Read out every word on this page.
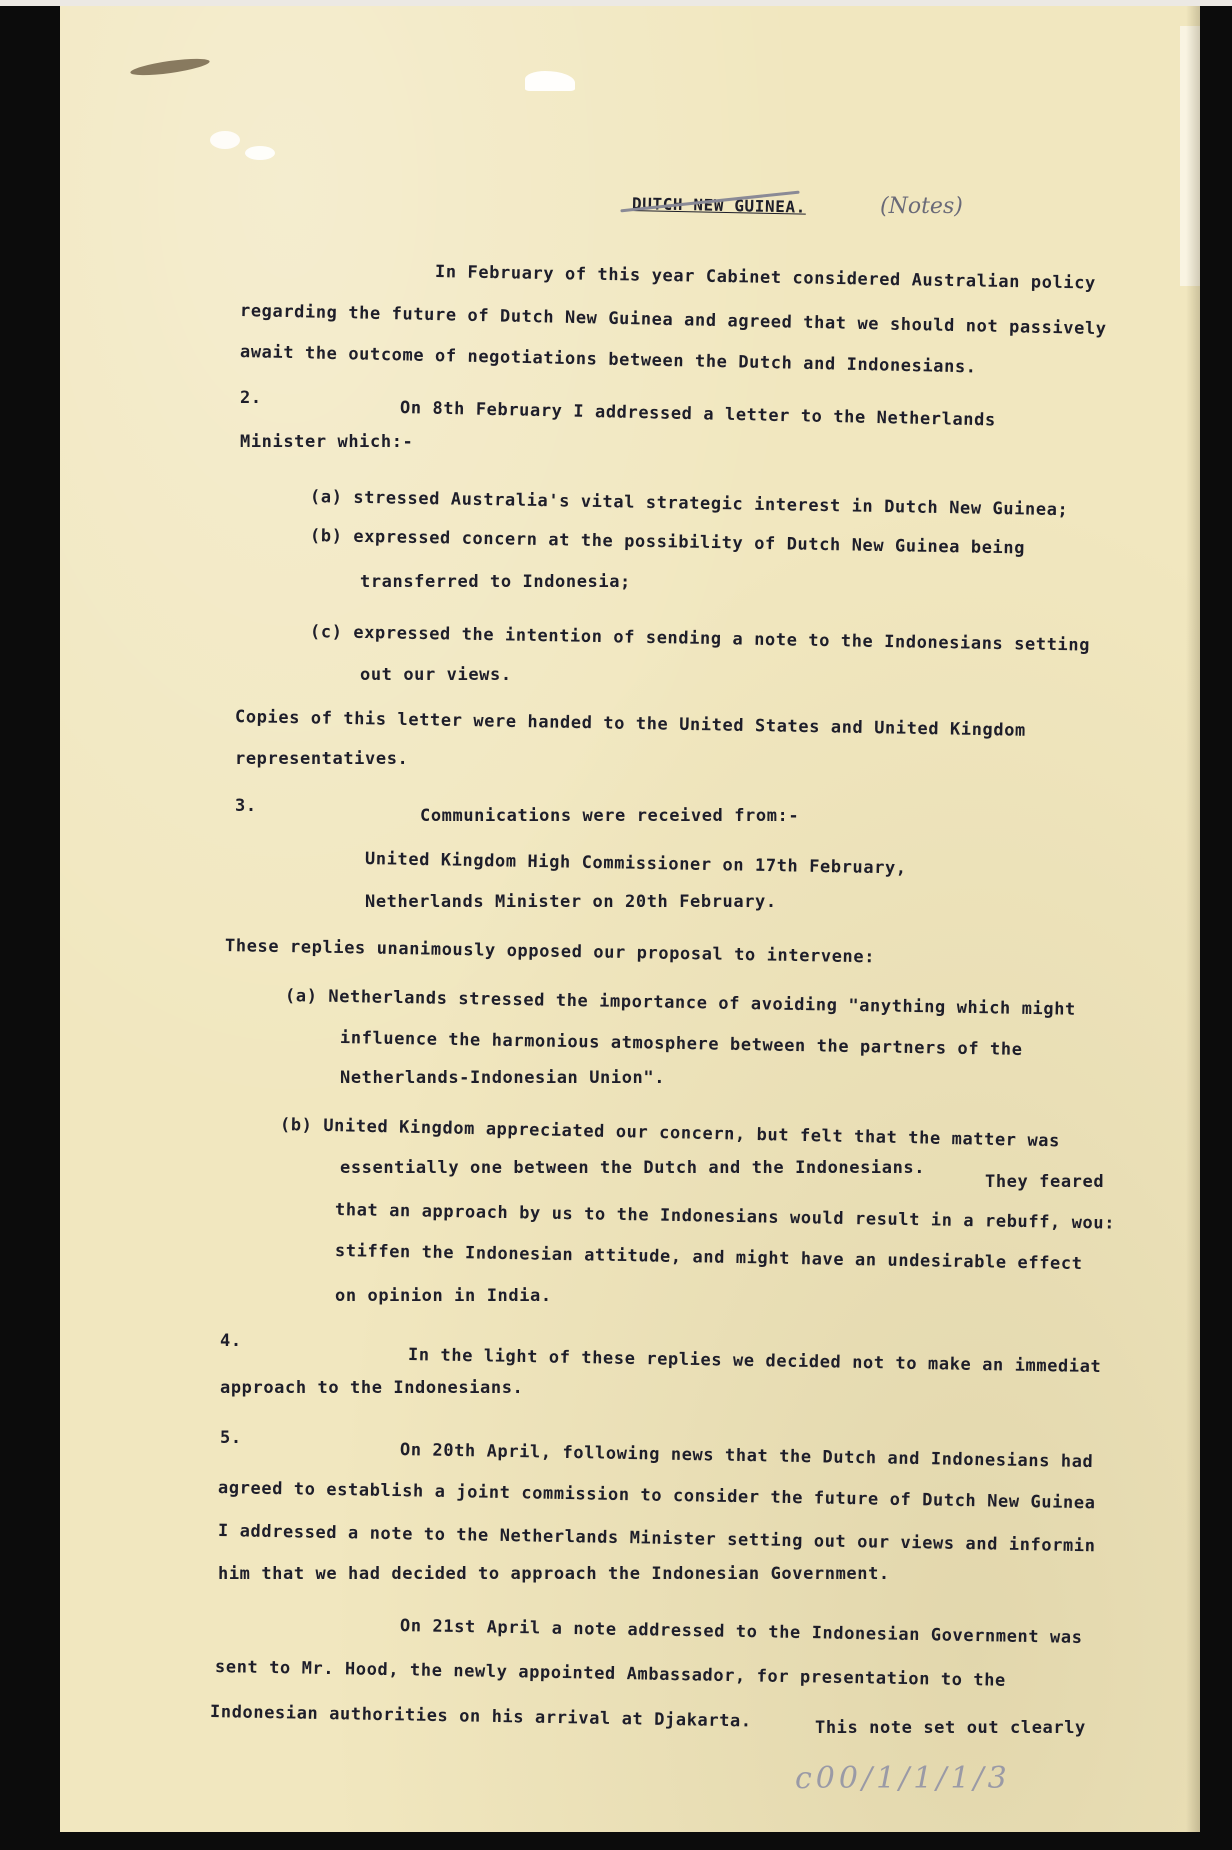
DUTCH NEW GUINEA.	(Notes)
In February of this year Cabinet considered Australian policy
regarding the future of Dutch New Guinea and agreed that we should not passively
await the outcome of negotiations between the Dutch and Indonesians.
2.
On 8th February I addressed a letter to the Netherlands
Minister which:-
(a) stressed Australia's vital strategic interest in Dutch New Guinea;
(b) expressed concern at the possibility of Dutch New Guinea being
transferred to Indonesia;
(c) expressed the intention of sending a note to the Indonesians setting
out our views.
Copies of this letter were handed to the United States and United Kingdom
representatives.
3.	Communications were received from:-
United Kingdom High Commissioner on 17th February,
Netherlands Minister on 20th February.
These replies unanimously opposed our proposal to intervene:
(a) Netherlands stressed the importance of avoiding "anything which might
influence the harmonious atmosphere between the partners of the
Netherlands-Indonesian Union".
(b) United Kingdom appreciated our concern, but felt that the matter was
essentially one between the Dutch and the Indonesians.
They feared
that an approach by us to the Indonesians would result in a rebuff, wou:
stiffen the Indonesian attitude, and might have an undesirable effect
on opinion in India.
4.
In the light of these replies we decided not to make an immediat
approach to the Indonesians.
5.
On 20th April, following news that the Dutch and Indonesians had
agreed to establish a joint commission to consider the future of Dutch New Guinea
I addressed a note to the Netherlands Minister setting out our views and informin
him that we had decided to approach the Indonesian Government.
On 21st April a note addressed to the Indonesian Government was
sent to Mr. Hood, the newly appointed Ambassador, for presentation to the
Indonesian authorities on his arrival at Djakarta.	This note set out clearly
c00/1/1/1/3
